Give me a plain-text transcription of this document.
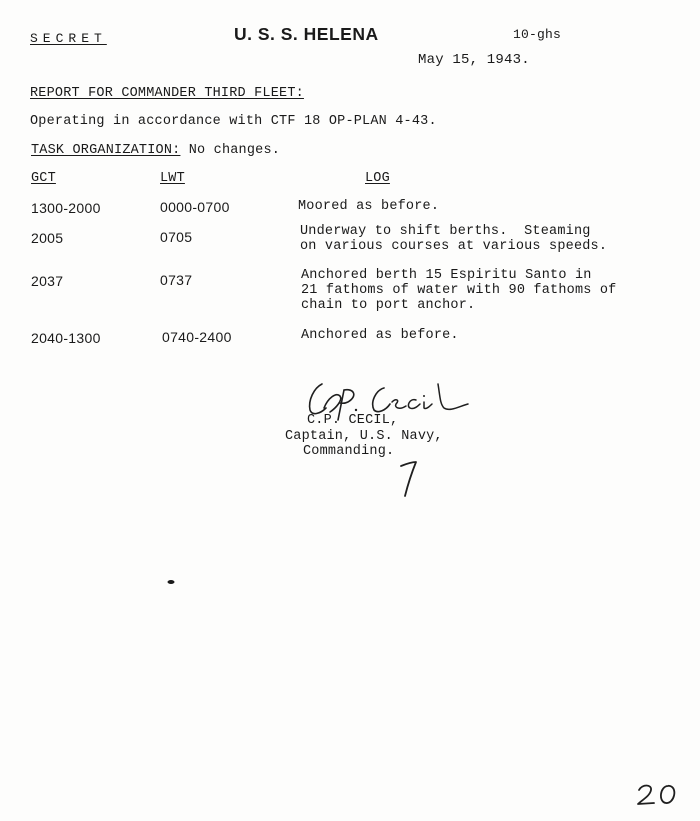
SECRET	U. S. S. HELENA	10-ghs
May 15, 1943.
REPORT FOR COMMANDER THIRD FLEET:
Operating in accordance with CTF 18 OP-PLAN 4-43.
TASK ORGANIZATION: No changes.
GCT	LWT	LOG
1300-2000	0000-0700	Moored as before.
2005	0705	Underway to shift berths.  Steaming
on various courses at various speeds.
2037	0737	Anchored berth 15 Espiritu Santo in
21 fathoms of water with 90 fathoms of
chain to port anchor.
2040-1300	0740-2400	Anchored as before.
C.P. CECIL,
Captain, U.S. Navy,
Commanding.
